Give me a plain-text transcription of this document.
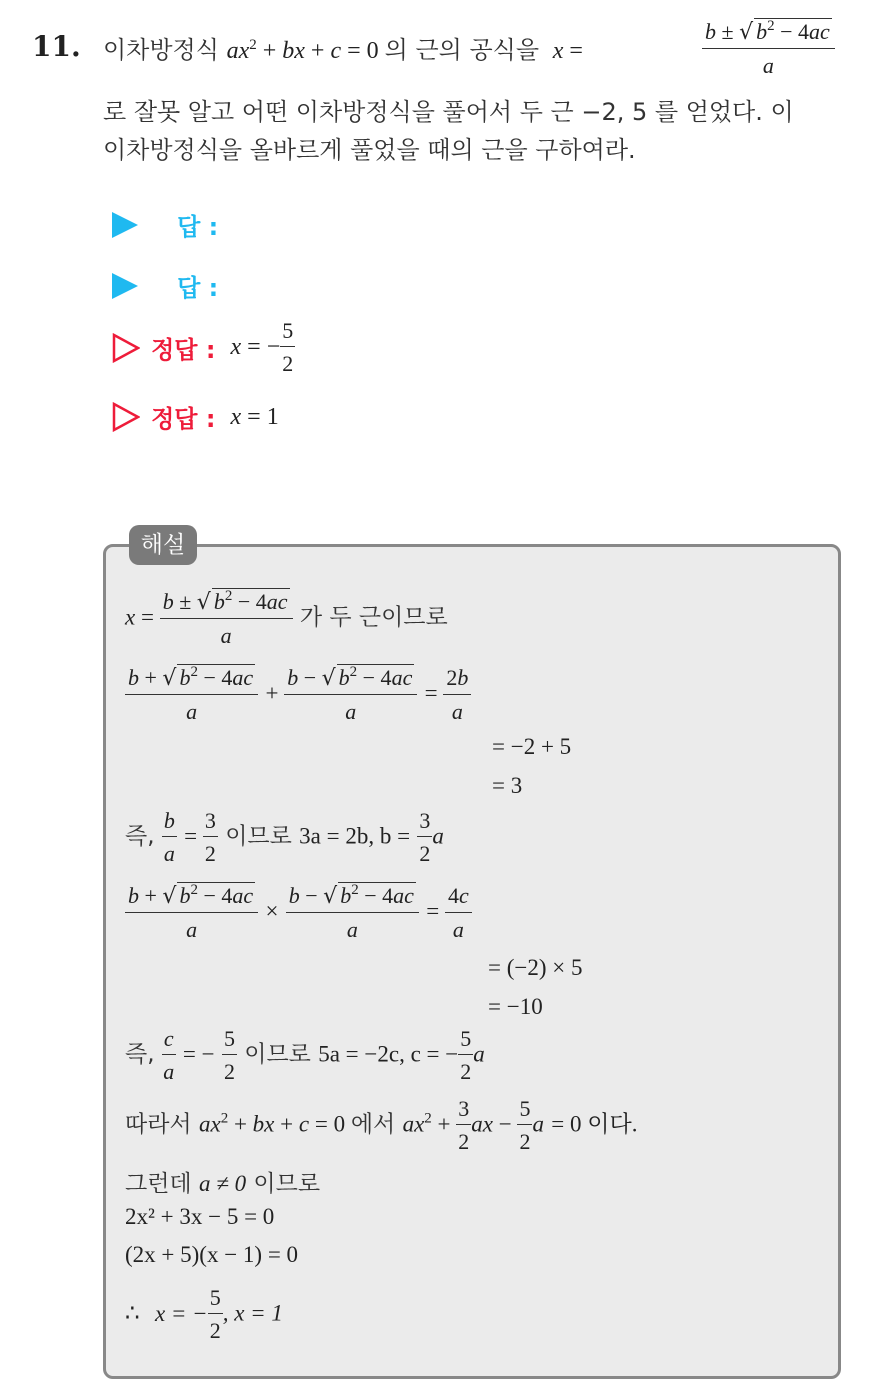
11. 이차방정식 $ax^2$ + bx + c = 0 의 근의 공식을  x =	$\frac{b \pm √ b^2 - 4ac}{a}$
로 잘못 알고 어떤 이차방정식을 풀어서 두 근 −2, 5 를 얻었다. 이
이차방정식을 올바르게 풀었을 때의 근을 구하여라.
답 :
답 :
정답 : x = − $\frac{5}{2}$
정답 : x = 1
해설
$x = \frac{b \pm √ b^2 - 4ac}{a}$ 가 두 근이므로
$\frac{b + √ b^2 - 4ac}{a} + \frac{b - √ b^2 - 4ac}{a} = \frac{2b}{a}$
= −2 + 5
= 3
즉, $\frac{b}{a} = \frac{3}{2}$ 이므로 3a = 2b, $b = \frac{3}{2}$ a
$\frac{b + √ b^2 - 4ac}{a} \times \frac{b - √ b^2 - 4ac}{a} = \frac{4c}{a}$
= (−2) × 5
= −10
즉, $\frac{c}{a}$ = − $\frac{5}{2}$ 이므로 5a = −2c, c = − $\frac{5}{2}$ a
따라서 $ax^2$ + bx + c = 0 에서 $ax^2 + \frac{3}{2}$ ax − $\frac{5}{2}$ a = 0 이다.
그런데 a ≠ 0 이므로
2x² + 3x − 5 = 0
(2x + 5)(x − 1) = 0
∴ x = − $\frac{5}{2}$ , x = 1
